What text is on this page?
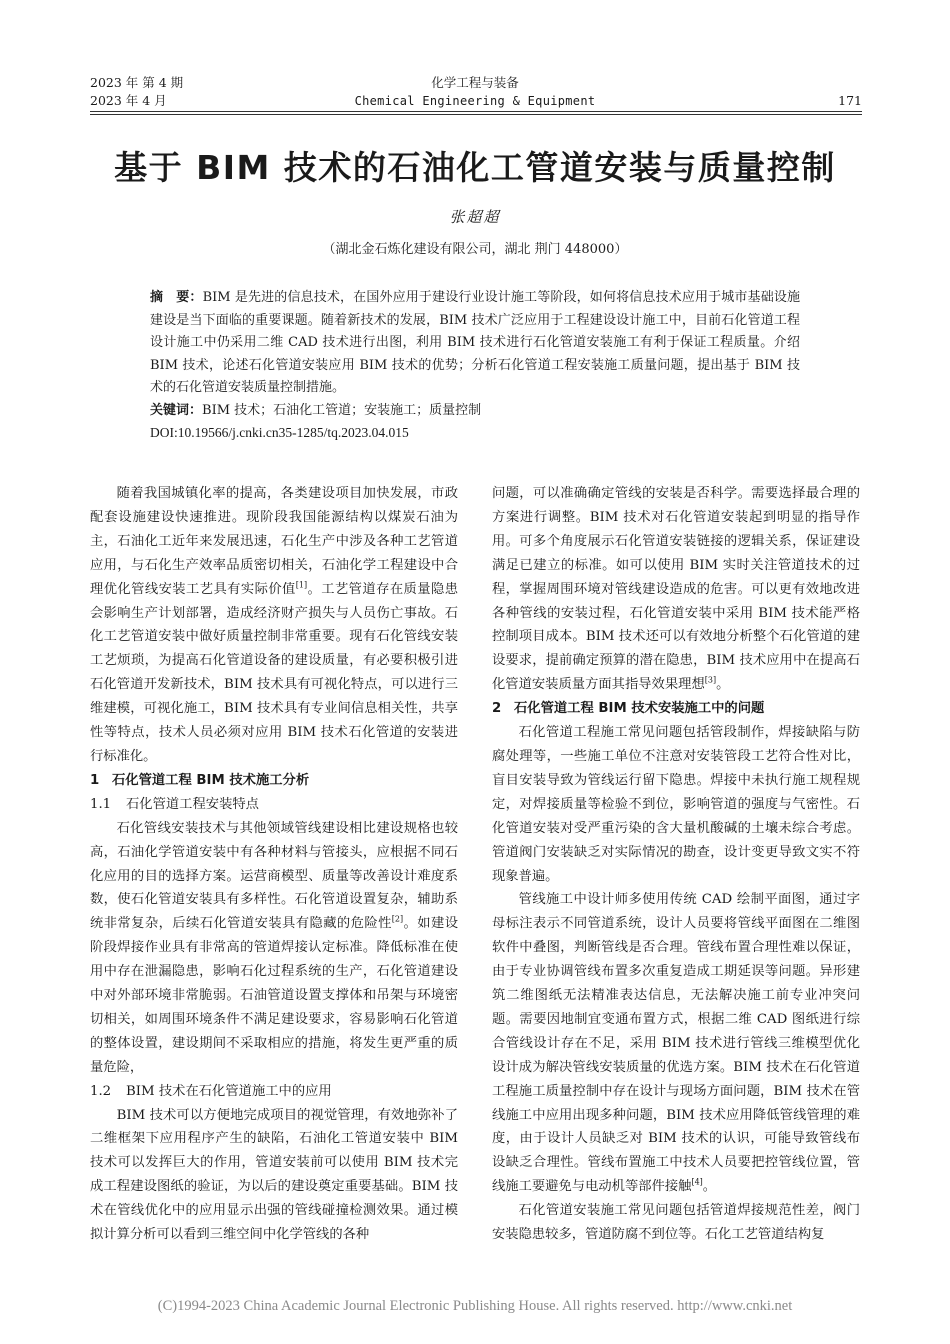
2023 年 第 4 期
2023 年 4 月
化学工程与装备
Chemical Engineering & Equipment	171
基于 BIM 技术的石油化工管道安装与质量控制
张超超
（湖北金石炼化建设有限公司，湖北 荆门 448000）
摘　要：BIM 是先进的信息技术，在国外应用于建设行业设计施工等阶段，如何将信息技术应用于城市基础设施建设是当下面临的重要课题。随着新技术的发展，BIM 技术广泛应用于工程建设设计施工中，目前石化管道工程设计施工中仍采用二维 CAD 技术进行出图，利用 BIM 技术进行石化管道安装施工有利于保证工程质量。介绍 BIM 技术，论述石化管道安装应用 BIM 技术的优势；分析石化管道工程安装施工质量问题，提出基于 BIM 技术的石化管道安装质量控制措施。
关键词：BIM 技术；石油化工管道；安装施工；质量控制
DOI:10.19566/j.cnki.cn35-1285/tq.2023.04.015

随着我国城镇化率的提高，各类建设项目加快发展，市政配套设施建设快速推进。现阶段我国能源结构以煤炭石油为主，石油化工近年来发展迅速，石化生产中涉及各种工艺管道应用，与石化生产效率品质密切相关，石油化学工程建设中合理优化管线安装工艺具有实际价值[1]。工艺管道存在质量隐患会影响生产计划部署，造成经济财产损失与人员伤亡事故。石化工艺管道安装中做好质量控制非常重要。现有石化管线安装工艺烦琐，为提高石化管道设备的建设质量，有必要积极引进石化管道开发新技术，BIM 技术具有可视化特点，可以进行三维建模，可视化施工，BIM 技术具有专业间信息相关性，共享性等特点，技术人员必须对应用 BIM 技术石化管道的安装进行标准化。

1 石化管道工程 BIM 技术施工分析
1.1 石化管道工程安装特点

石化管线安装技术与其他领域管线建设相比建设规格也较高，石油化学管道安装中有各种材料与管接头，应根据不同石化应用的目的选择方案。运营商模型、质量等改善设计难度系数，使石化管道安装具有多样性。石化管道设置复杂，辅助系统非常复杂，后续石化管道安装具有隐藏的危险性[2]。如建设阶段焊接作业具有非常高的管道焊接认定标准。降低标准在使用中存在泄漏隐患，影响石化过程系统的生产，石化管道建设中对外部环境非常脆弱。石油管道设置支撑体和吊架与环境密切相关，如周围环境条件不满足建设要求，容易影响石化管道的整体设置，建设期间不采取相应的措施，将发生更严重的质量危险，

1.2 BIM 技术在石化管道施工中的应用

BIM 技术可以方便地完成项目的视觉管理，有效地弥补了二维框架下应用程序产生的缺陷，石油化工管道安装中 BIM 技术可以发挥巨大的作用，管道安装前可以使用 BIM 技术完成工程建设图纸的验证，为以后的建设奠定重要基础。BIM 技术在管线优化中的应用显示出强的管线碰撞检测效果。通过模拟计算分析可以看到三维空间中化学管线的各种

问题，可以准确确定管线的安装是否科学。需要选择最合理的方案进行调整。BIM 技术对石化管道安装起到明显的指导作用。可多个角度展示石化管道安装链接的逻辑关系，保证建设满足已建立的标准。如可以使用 BIM 实时关注管道技术的过程，掌握周围环境对管线建设造成的危害。可以更有效地改进各种管线的安装过程，石化管道安装中采用 BIM 技术能严格控制项目成本。BIM 技术还可以有效地分析整个石化管道的建设要求，提前确定预算的潜在隐患，BIM 技术应用中在提高石化管道安装质量方面其指导效果理想[3]。

2 石化管道工程 BIM 技术安装施工中的问题

石化管道工程施工常见问题包括管段制作，焊接缺陷与防腐处理等，一些施工单位不注意对安装管段工艺符合性对比，盲目安装导致为管线运行留下隐患。焊接中未执行施工规程规定，对焊接质量等检验不到位，影响管道的强度与气密性。石化管道安装对受严重污染的含大量机酸碱的土壤未综合考虑。管道阀门安装缺乏对实际情况的勘查，设计变更导致文实不符现象普遍。

管线施工中设计师多使用传统 CAD 绘制平面图，通过字母标注表示不同管道系统，设计人员要将管线平面图在二维图软件中叠图，判断管线是否合理。管线布置合理性难以保证，由于专业协调管线布置多次重复造成工期延误等问题。异形建筑二维图纸无法精准表达信息，无法解决施工前专业冲突问题。需要因地制宜变通布置方式，根据二维 CAD 图纸进行综合管线设计存在不足，采用 BIM 技术进行管线三维模型优化设计成为解决管线安装质量的优选方案。BIM 技术在石化管道工程施工质量控制中存在设计与现场方面问题，BIM 技术在管线施工中应用出现多种问题，BIM 技术应用降低管线管理的难度，由于设计人员缺乏对 BIM 技术的认识，可能导致管线布设缺乏合理性。管线布置施工中技术人员要把控管线位置，管线施工要避免与电动机等部件接触[4]。

石化管道安装施工常见问题包括管道焊接规范性差，阀门安装隐患较多，管道防腐不到位等。石化工艺管道结构复

(C)1994-2023 China Academic Journal Electronic Publishing House. All rights reserved. http://www.cnki.net
